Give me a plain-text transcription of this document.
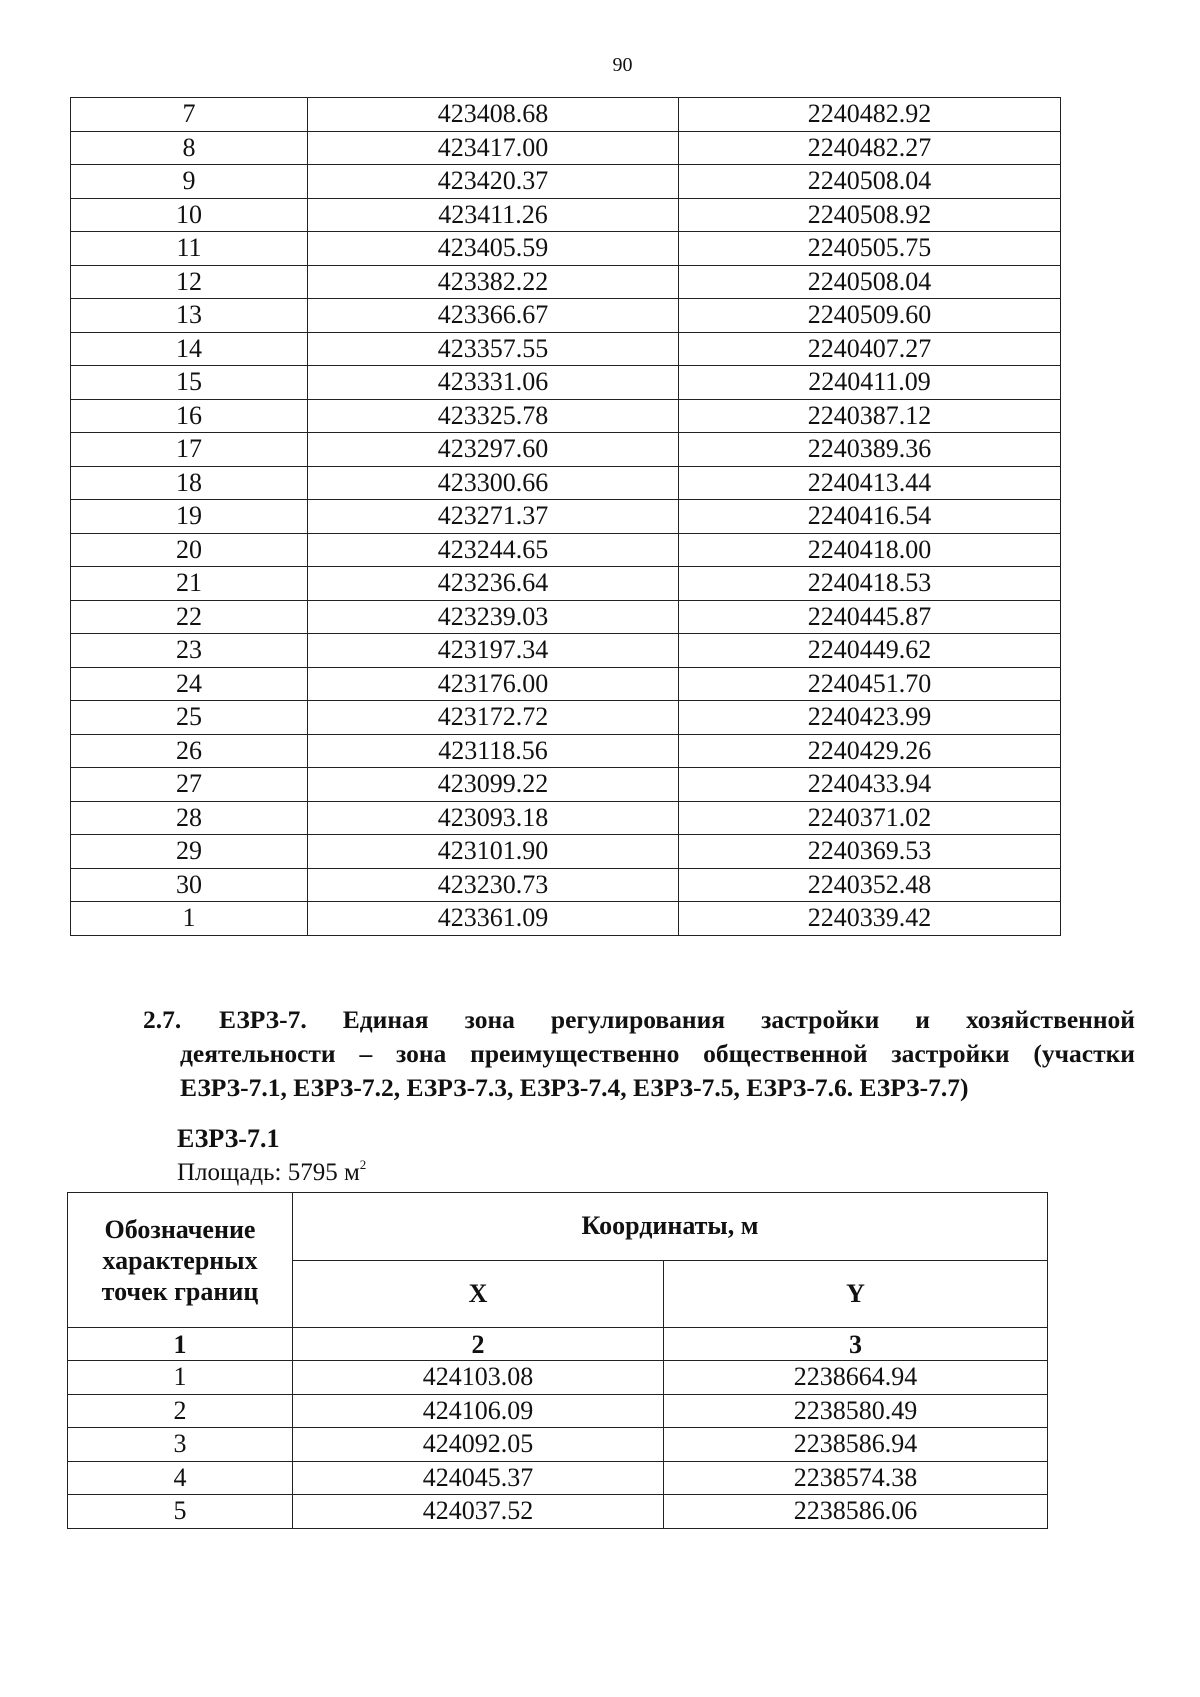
90
7	423408.68	2240482.92
8	423417.00	2240482.27
9	423420.37	2240508.04
10	423411.26	2240508.92
11	423405.59	2240505.75
12	423382.22	2240508.04
13	423366.67	2240509.60
14	423357.55	2240407.27
15	423331.06	2240411.09
16	423325.78	2240387.12
17	423297.60	2240389.36
18	423300.66	2240413.44
19	423271.37	2240416.54
20	423244.65	2240418.00
21	423236.64	2240418.53
22	423239.03	2240445.87
23	423197.34	2240449.62
24	423176.00	2240451.70
25	423172.72	2240423.99
26	423118.56	2240429.26
27	423099.22	2240433.94
28	423093.18	2240371.02
29	423101.90	2240369.53
30	423230.73	2240352.48
1	423361.09	2240339.42
2.7. ЕЗРЗ-7. Единая зона регулирования застройки и хозяйственной
деятельности – зона преимущественно общественной застройки (участки
ЕЗРЗ-7.1, ЕЗРЗ-7.2, ЕЗРЗ-7.3, ЕЗРЗ-7.4, ЕЗРЗ-7.5, ЕЗРЗ-7.6. ЕЗРЗ-7.7)
ЕЗРЗ-7.1
Площадь: 5795 $м^2$
Обозначение характерных точек границ	Координаты, м	
	X	Y
1	2	3
1	424103.08	2238664.94
2	424106.09	2238580.49
3	424092.05	2238586.94
4	424045.37	2238574.38
5	424037.52	2238586.06
